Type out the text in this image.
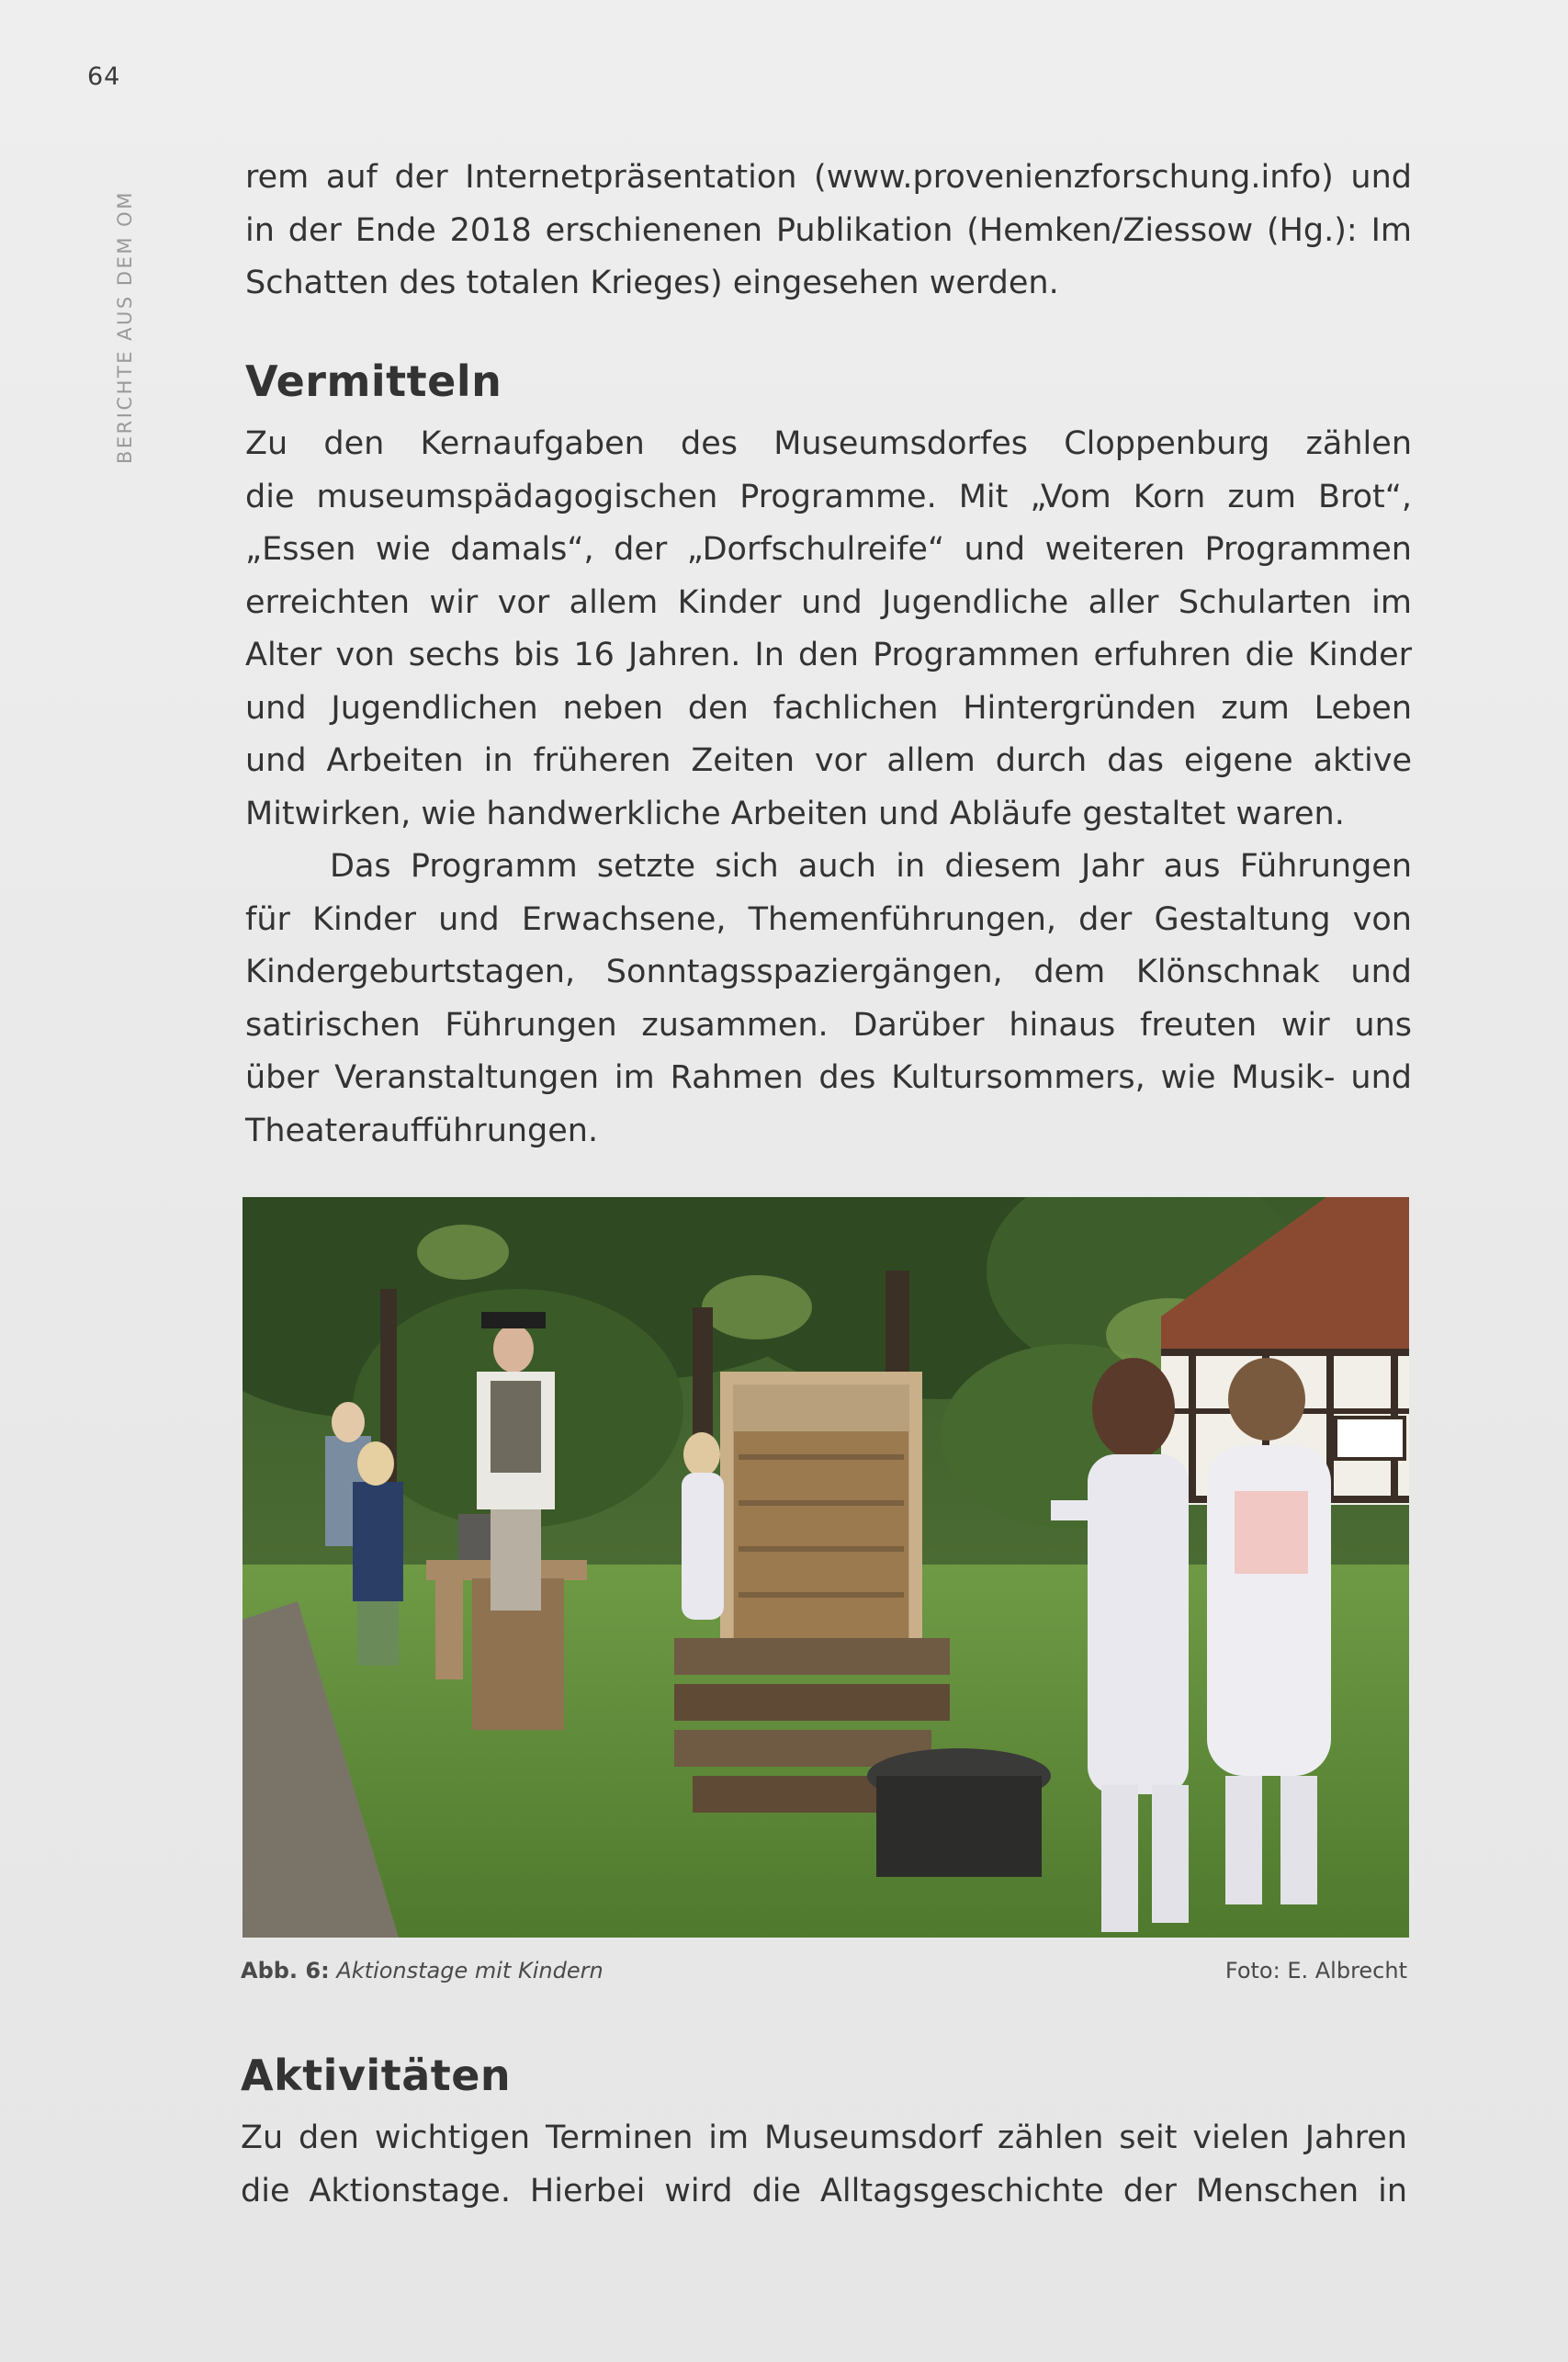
64
BERICHTE AUS DEM OM
rem auf der Internetpräsentation (www.provenienzforschung.info) und
in der Ende 2018 erschienenen Publikation (Hemken/Ziessow (Hg.): Im
Schatten des totalen Krieges) eingesehen werden.
Vermitteln
Zu den Kernaufgaben des Museumsdorfes Cloppenburg zählen
die museumspädagogischen Programme. Mit „Vom Korn zum Brot“,
„Essen wie damals“, der „Dorfschulreife“ und weiteren Programmen
erreichten wir vor allem Kinder und Jugendliche aller Schularten im
Alter von sechs bis 16 Jahren. In den Programmen erfuhren die Kinder
und Jugendlichen neben den fachlichen Hintergründen zum Leben
und Arbeiten in früheren Zeiten vor allem durch das eigene aktive
Mitwirken, wie handwerkliche Arbeiten und Abläufe gestaltet waren.
Das Programm setzte sich auch in diesem Jahr aus Führungen
für Kinder und Erwachsene, Themenführungen, der Gestaltung von
Kindergeburtstagen, Sonntagsspaziergängen, dem Klönschnak und
satirischen Führungen zusammen. Darüber hinaus freuten wir uns
über Veranstaltungen im Rahmen des Kultursommers, wie Musik- und
Theateraufführungen.
Abb. 6: Aktionstage mit Kindern	Foto: E. Albrecht
Aktivitäten
Zu den wichtigen Terminen im Museumsdorf zählen seit vielen Jahren
die Aktionstage. Hierbei wird die Alltagsgeschichte der Menschen in
